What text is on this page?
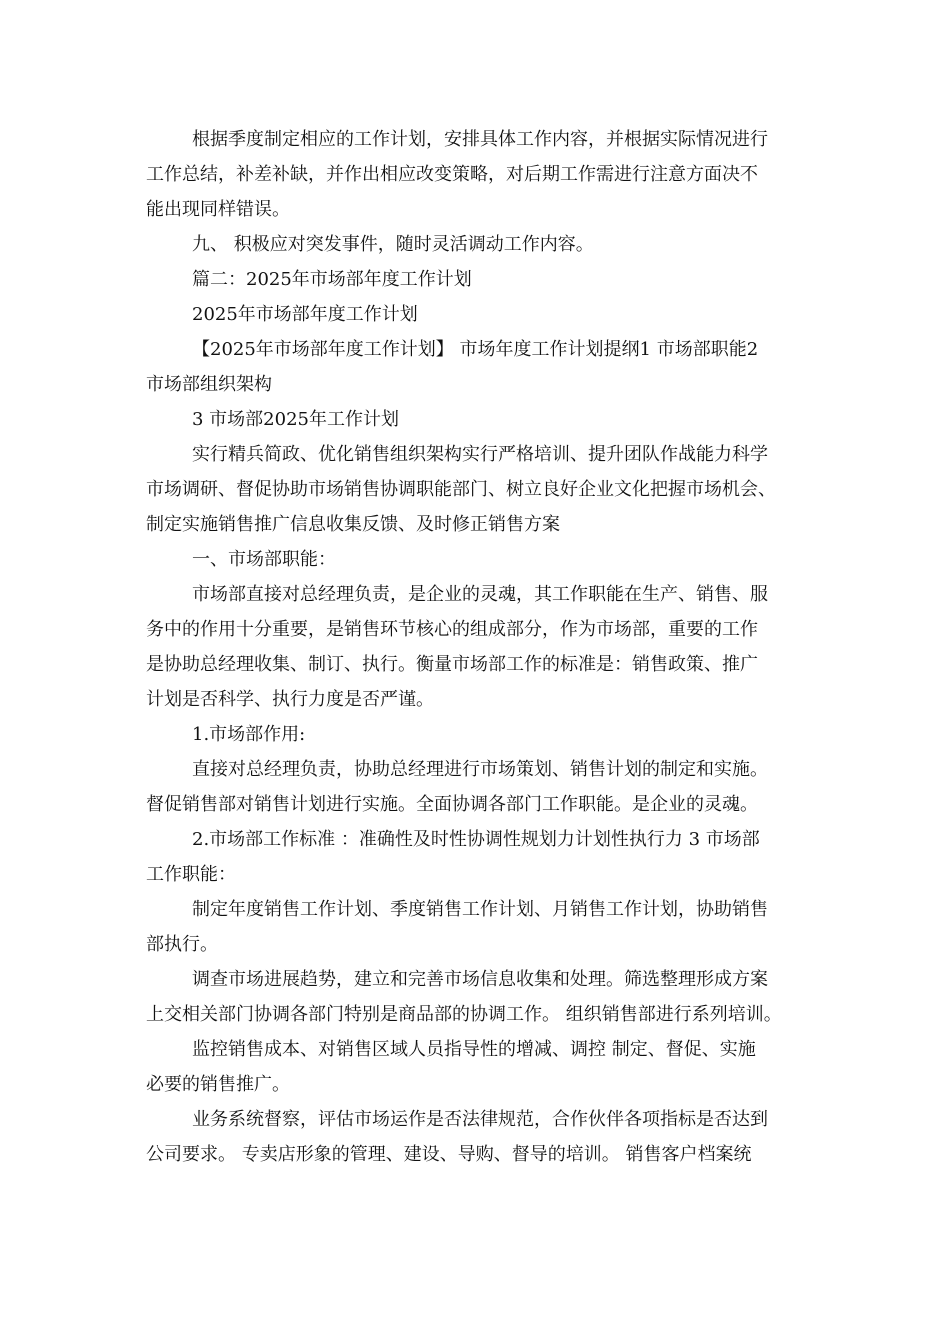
根据季度制定相应的工作计划，安排具体工作内容，并根据实际情况进行
工作总结，补差补缺，并作出相应改变策略，对后期工作需进行注意方面决不
能出现同样错误。
九、 积极应对突发事件，随时灵活调动工作内容。
篇二：2025年市场部年度工作计划
2025年市场部年度工作计划
【2025年市场部年度工作计划】 市场年度工作计划提纲1 市场部职能2
市场部组织架构
3 市场部2025年工作计划
实行精兵简政、优化销售组织架构实行严格培训、提升团队作战能力科学
市场调研、督促协助市场销售协调职能部门、树立良好企业文化把握市场机会、
制定实施销售推广信息收集反馈、及时修正销售方案
一、市场部职能：
市场部直接对总经理负责，是企业的灵魂，其工作职能在生产、销售、服
务中的作用十分重要，是销售环节核心的组成部分，作为市场部，重要的工作
是协助总经理收集、制订、执行。衡量市场部工作的标准是：销售政策、推广
计划是否科学、执行力度是否严谨。
1.市场部作用:
直接对总经理负责，协助总经理进行市场策划、销售计划的制定和实施。
督促销售部对销售计划进行实施。全面协调各部门工作职能。是企业的灵魂。
2.市场部工作标准 ：准确性及时性协调性规划力计划性执行力 3 市场部
工作职能：
制定年度销售工作计划、季度销售工作计划、月销售工作计划，协助销售
部执行。
调查市场进展趋势，建立和完善市场信息收集和处理。筛选整理形成方案
上交相关部门协调各部门特别是商品部的协调工作。 组织销售部进行系列培训。
监控销售成本、对销售区域人员指导性的增减、调控 制定、督促、实施
必要的销售推广。
业务系统督察，评估市场运作是否法律规范，合作伙伴各项指标是否达到
公司要求。 专卖店形象的管理、建设、导购、督导的培训。 销售客户档案统
